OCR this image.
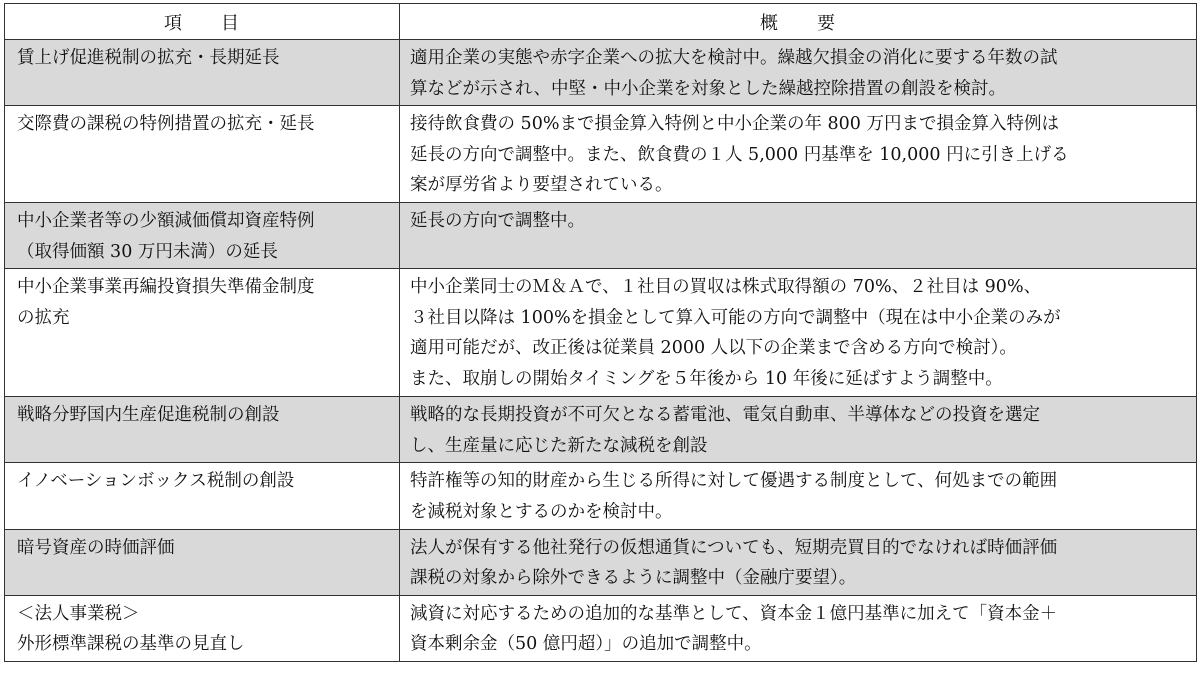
項　　目	概　　要

賃上げ促進税制の拡充・長期延長	適用企業の実態や赤字企業への拡大を検討中。繰越欠損金の消化に要する年数の試
算などが示され、中堅・中小企業を対象とした繰越控除措置の創設を検討。

交際費の課税の特例措置の拡充・延長	接待飲食費の 50%まで損金算入特例と中小企業の年 800 万円まで損金算入特例は
延長の方向で調整中。また、飲食費の１人 5,000 円基準を 10,000 円に引き上げる
案が厚労省より要望されている。

中小企業者等の少額減価償却資産特例
（取得価額 30 万円未満）の延長	延長の方向で調整中。

中小企業事業再編投資損失準備金制度
の拡充	中小企業同士のＭ＆Ａで、１社目の買収は株式取得額の 70%、２社目は 90%、
３社目以降は 100%を損金として算入可能の方向で調整中（現在は中小企業のみが
適用可能だが、改正後は従業員 2000 人以下の企業まで含める方向で検討）。
また、取崩しの開始タイミングを５年後から 10 年後に延ばすよう調整中。

戦略分野国内生産促進税制の創設	戦略的な長期投資が不可欠となる蓄電池、電気自動車、半導体などの投資を選定
し、生産量に応じた新たな減税を創設

イノベーションボックス税制の創設	特許権等の知的財産から生じる所得に対して優遇する制度として、何処までの範囲
を減税対象とするのかを検討中。

暗号資産の時価評価	法人が保有する他社発行の仮想通貨についても、短期売買目的でなければ時価評価
課税の対象から除外できるように調整中（金融庁要望）。

＜法人事業税＞
外形標準課税の基準の見直し	減資に対応するための追加的な基準として、資本金１億円基準に加えて「資本金＋
資本剰余金（50 億円超）」の追加で調整中。
